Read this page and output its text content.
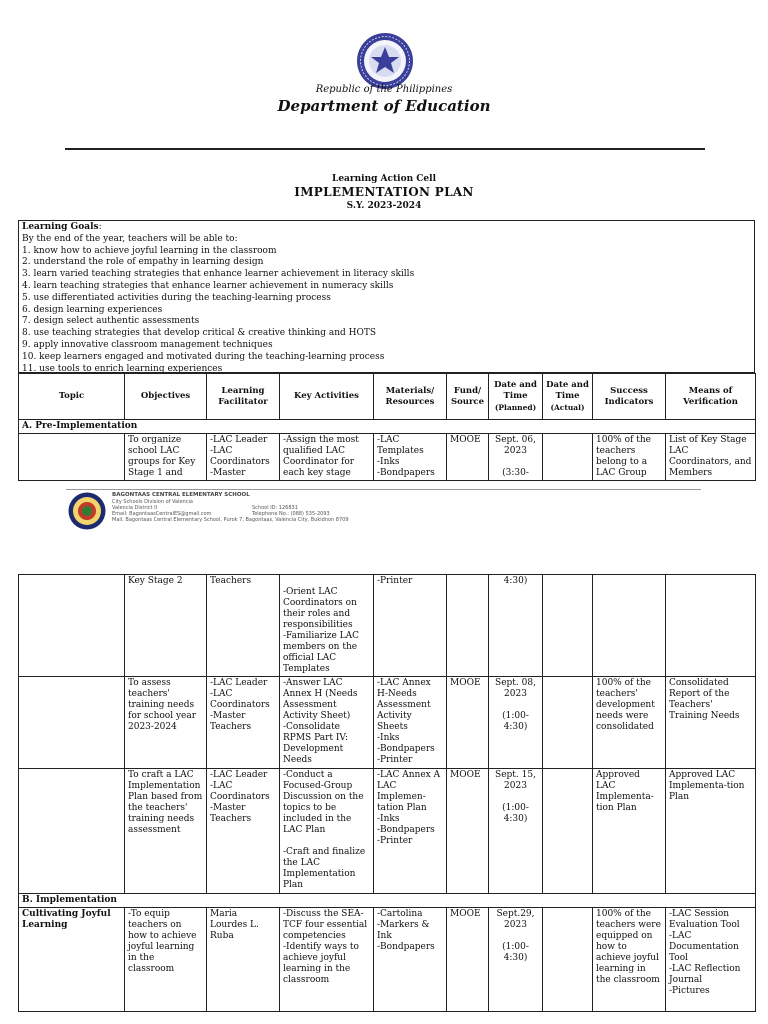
Republic of the Philippines
Department of Education
Learning Action Cell
IMPLEMENTATION PLAN
S.Y. 2023-2024
Learning Goals:
By the end of the year, teachers will be able to:
1. know how to achieve joyful learning in the classroom
2. understand the role of empathy in learning design
3. learn varied teaching strategies that enhance learner achievement in literacy skills
4. learn teaching strategies that enhance learner achievement in numeracy skills
5. use differentiated activities during the teaching-learning process
6. design learning experiences
7. design select authentic assessments
8. use teaching strategies that develop critical & creative thinking and HOTS
9. apply innovative classroom management techniques
10. keep learners engaged and motivated during the teaching-learning process
11. use tools to enrich learning experiences
Topic	Objectives	Learning Facilitator	Key Activities	Materials/ Resources	Fund/ Source	Date and Time
(Planned)	Date and Time
(Actual)	Success Indicators	Means of Verification
A. Pre-Implementation									
	To organize school LAC groups for Key Stage 1 and	-LAC Leader
-LAC Coordinators
-Master	-Assign the most qualified LAC Coordinator for each key stage	-LAC Templates
-Inks
-Bondpapers	MOOE	Sept. 06, 2023

(3:30-		100% of the teachers belong to a LAC Group	List of Key Stage LAC Coordinators, and Members
BAGONTAAS CENTRAL ELEMENTARY SCHOOL
City Schools Division of Valencia
Valencia District II	School ID: 126831
Email: BagontaasCentralES@gmail.com	Telephone No.: (088) 535-2093
Mail: Bagontaas Central Elementary School, Purok 7, Bagontaas, Valencia City, Bukidnon 8709
	Key Stage 2	Teachers	
-Orient LAC Coordinators on their roles and responsibilities
-Familiarize LAC members on the official LAC Templates	-Printer		4:30)			
	To assess teachers' training needs for school year 2023-2024	-LAC Leader
-LAC Coordinators
-Master Teachers	-Answer LAC Annex H (Needs Assessment Activity Sheet)
-Consolidate RPMS Part IV: Development Needs	-LAC Annex H-Needs Assessment Activity Sheets
-Inks
-Bondpapers
-Printer	MOOE	Sept. 08, 2023

(1:00-
4:30)		100% of the teachers' development needs were consolidated	Consolidated Report of the Teachers' Training Needs
	To craft a LAC Implementation Plan based from the teachers' training needs assessment	-LAC Leader
-LAC Coordinators
-Master Teachers	-Conduct a Focused-Group Discussion on the topics to be included in the LAC Plan

-Craft and finalize the LAC Implementation Plan	-LAC Annex A LAC Implemen-tation Plan
-Inks
-Bondpapers
-Printer	MOOE	Sept. 15, 2023

(1:00-
4:30)		Approved LAC Implementa-tion Plan	Approved LAC Implementa-tion Plan
B. Implementation									
Cultivating Joyful Learning	-To equip teachers on how to achieve joyful learning in the classroom	Maria Lourdes L. Ruba	-Discuss the SEA-TCF four essential competencies
-Identify ways to achieve joyful learning in the classroom	-Cartolina
-Markers & Ink
-Bondpapers	MOOE	Sept.29, 2023

(1:00-
4:30)		100% of the teachers were equipped on how to achieve joyful learning in the classroom	-LAC Session Evaluation Tool
-LAC Documentation Tool
-LAC Reflection Journal
-Pictures
